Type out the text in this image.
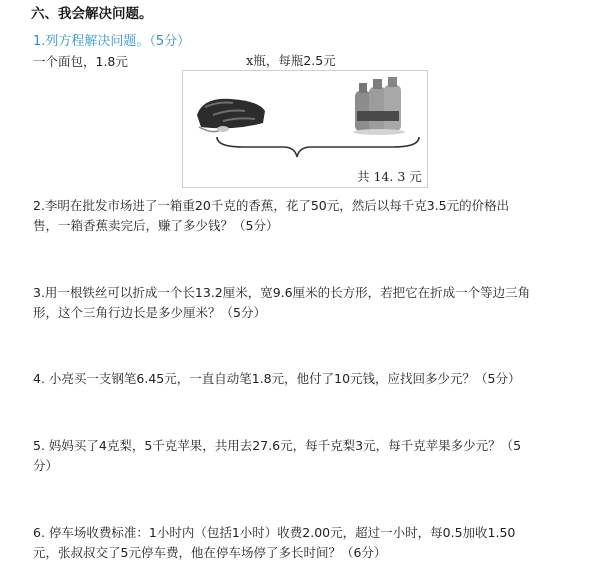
六、我会解决问题。
1.列方程解决问题。（5分）
一个面包，1.8元	x瓶，每瓶2.5元
共 14. 3 元
2.李明在批发市场进了一箱重20千克的香蕉，花了50元，然后以每千克3.5元的价格出
售，一箱香蕉卖完后，赚了多少钱？（5分）
3.用一根铁丝可以折成一个长13.2厘米，宽9.6厘米的长方形，若把它在折成一个等边三角
形，这个三角行边长是多少厘米？（5分）
4. 小亮买一支钢笔6.45元，一直自动笔1.8元，他付了10元钱，应找回多少元？（5分）
5. 妈妈买了4克梨，5千克苹果，共用去27.6元，每千克梨3元，每千克苹果多少元？（5
分）
6. 停车场收费标准：1小时内（包括1小时）收费2.00元，超过一小时，每0.5加收1.50
元，张叔叔交了5元停车费，他在停车场停了多长时间？（6分）
